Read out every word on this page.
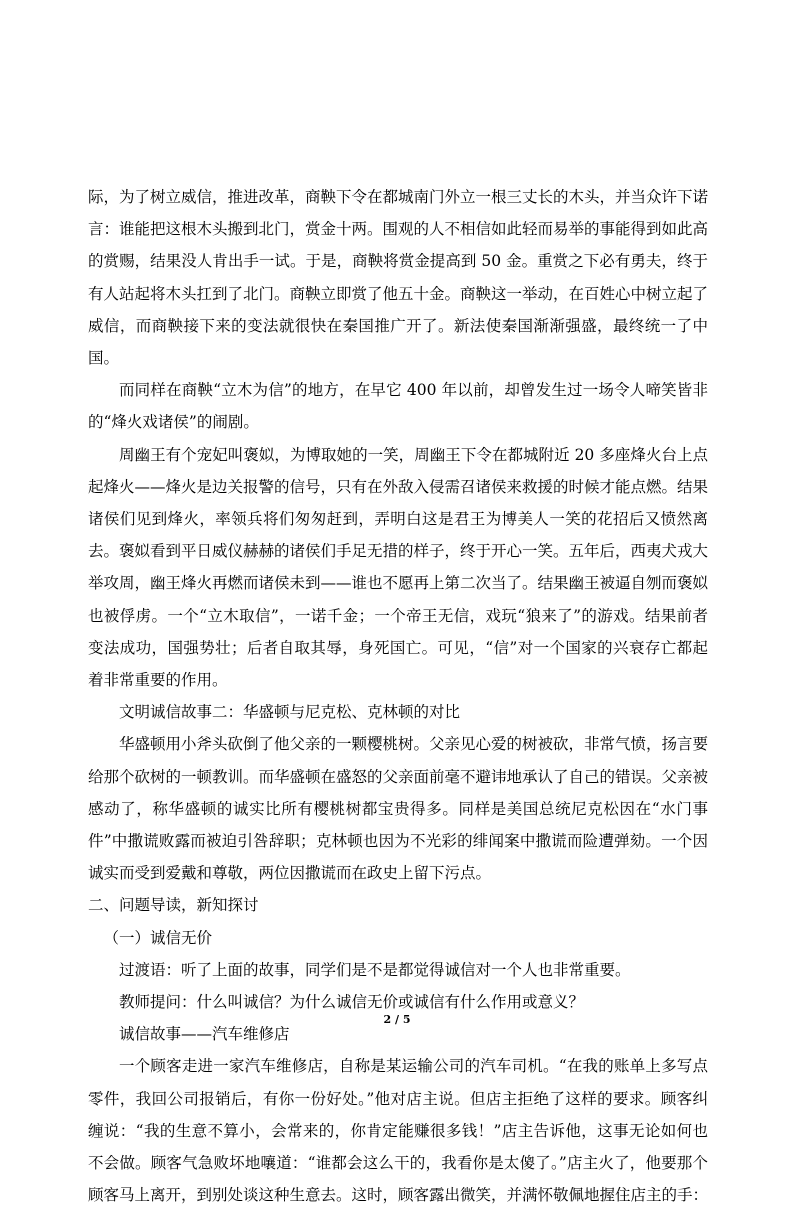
际，为了树立威信，推进改革，商鞅下令在都城南门外立一根三丈长的木头，并当众许下诺言：谁能把这根木头搬到北门，赏金十两。围观的人不相信如此轻而易举的事能得到如此高的赏赐，结果没人肯出手一试。于是，商鞅将赏金提高到 50 金。重赏之下必有勇夫，终于有人站起将木头扛到了北门。商鞅立即赏了他五十金。商鞅这一举动，在百姓心中树立起了威信，而商鞅接下来的变法就很快在秦国推广开了。新法使秦国渐渐强盛，最终统一了中国。

而同样在商鞅“立木为信”的地方，在早它 400 年以前，却曾发生过一场令人啼笑皆非的“烽火戏诸侯”的闹剧。

周幽王有个宠妃叫褒姒，为博取她的一笑，周幽王下令在都城附近 20 多座烽火台上点起烽火——烽火是边关报警的信号，只有在外敌入侵需召诸侯来救援的时候才能点燃。结果诸侯们见到烽火，率领兵将们匆匆赶到，弄明白这是君王为博美人一笑的花招后又愤然离去。褒姒看到平日威仪赫赫的诸侯们手足无措的样子，终于开心一笑。五年后，西夷犬戎大举攻周，幽王烽火再燃而诸侯未到——谁也不愿再上第二次当了。结果幽王被逼自刎而褒姒也被俘虏。一个“立木取信”，一诺千金；一个帝王无信，戏玩“狼来了”的游戏。结果前者变法成功，国强势壮；后者自取其辱，身死国亡。可见，“信”对一个国家的兴衰存亡都起着非常重要的作用。

文明诚信故事二：华盛顿与尼克松、克林顿的对比

华盛顿用小斧头砍倒了他父亲的一颗樱桃树。父亲见心爱的树被砍，非常气愤，扬言要给那个砍树的一顿教训。而华盛顿在盛怒的父亲面前毫不避讳地承认了自己的错误。父亲被感动了，称华盛顿的诚实比所有樱桃树都宝贵得多。同样是美国总统尼克松因在“水门事件”中撒谎败露而被迫引咎辞职；克林顿也因为不光彩的绯闻案中撒谎而险遭弹劾。一个因诚实而受到爱戴和尊敬，两位因撒谎而在政史上留下污点。

二、问题导读，新知探讨

（一）诚信无价

过渡语：听了上面的故事，同学们是不是都觉得诚信对一个人也非常重要。

教师提问：什么叫诚信？为什么诚信无价或诚信有什么作用或意义？

诚信故事——汽车维修店

一个顾客走进一家汽车维修店，自称是某运输公司的汽车司机。“在我的账单上多写点零件，我回公司报销后，有你一份好处。”他对店主说。但店主拒绝了这样的要求。顾客纠缠说：“我的生意不算小，会常来的，你肯定能赚很多钱！”店主告诉他，这事无论如何也不会做。顾客气急败坏地嚷道：“谁都会这么干的，我看你是太傻了。”店主火了，他要那个顾客马上离开，到别处谈这种生意去。这时，顾客露出微笑，并满怀敬佩地握住店主的手：

2 / 5
